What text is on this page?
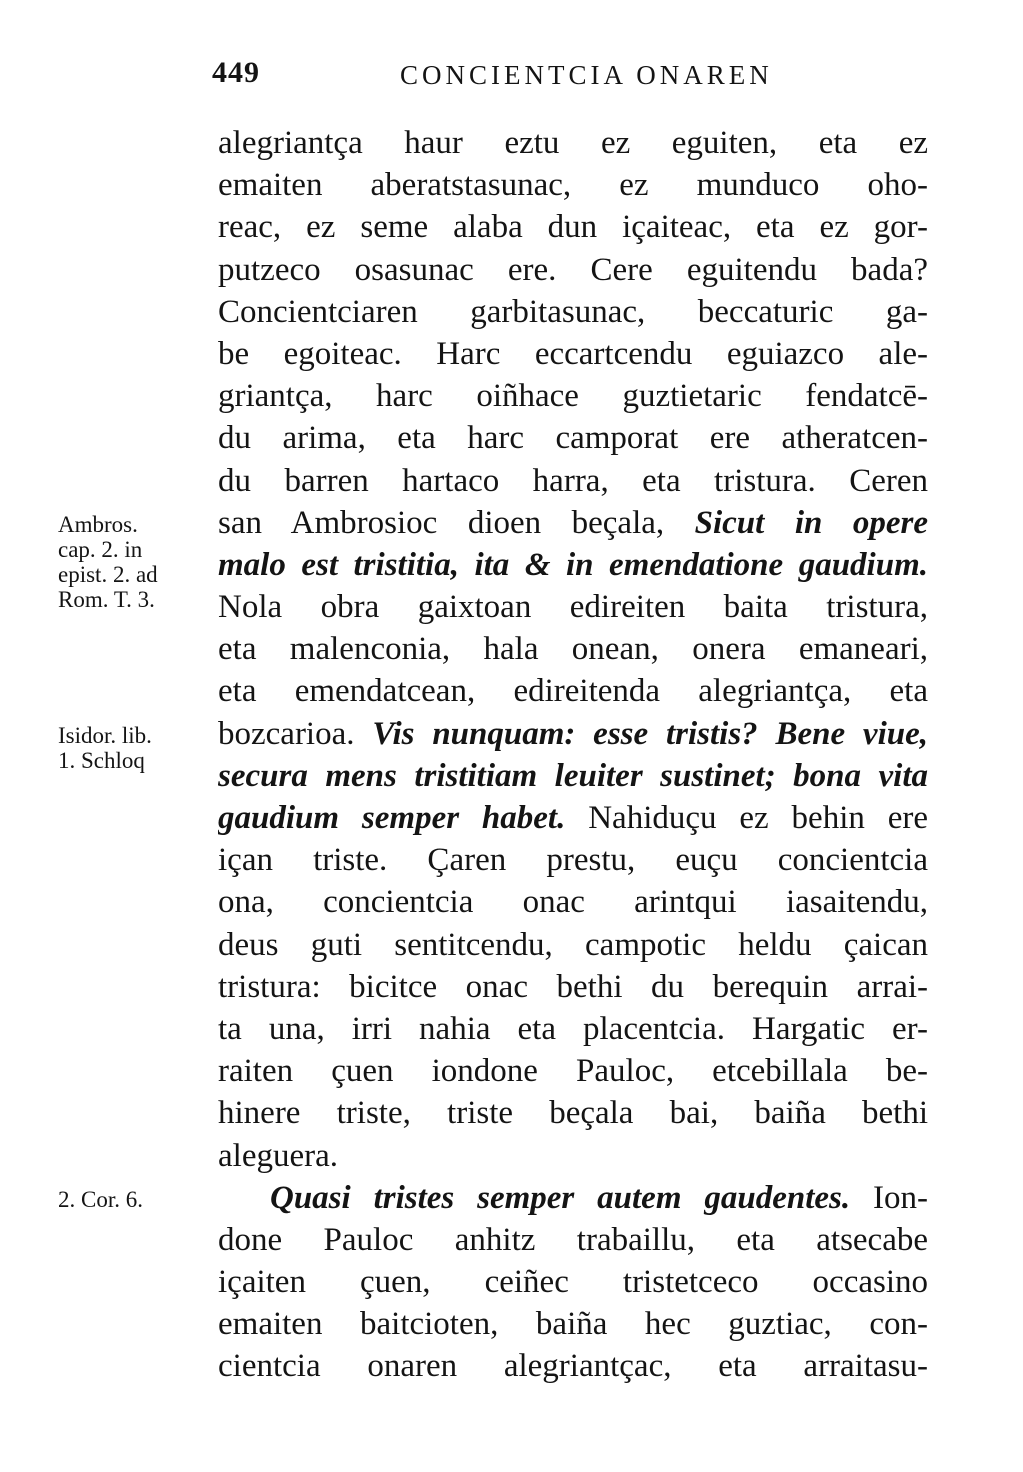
449	CONCIENTCIA ONAREN
Ambros.
cap. 2. in
epist. 2. ad
Rom. T. 3.
Isidor. lib.
1. Schloq
2. Cor. 6.
alegriantça haur eztu ez eguiten, eta ez
emaiten aberatstasunac, ez munduco oho-
reac, ez seme alaba dun içaiteac, eta ez gor-
putzeco osasunac ere. Cere eguitendu bada?
Concientciaren garbitasunac, beccaturic ga-
be egoiteac. Harc eccartcendu eguiazco ale-
griantça, harc oiñhace guztietaric fendatcē-
du arima, eta harc camporat ere atheratcen-
du barren hartaco harra, eta tristura. Ceren
san Ambrosioc dioen beçala, Sicut in opere
malo est tristitia, ita & in emendatione gaudium.
Nola obra gaixtoan edireiten baita tristura,
eta malenconia, hala onean, onera emaneari,
eta emendatcean, edireitenda alegriantça, eta
bozcarioa. Vis nunquam: esse tristis? Bene viue,
secura mens tristitiam leuiter sustinet; bona vita
gaudium semper habet. Nahiduçu ez behin ere
içan triste. Çaren prestu, euçu concientcia
ona, concientcia onac arintqui iasaitendu,
deus guti sentitcendu, campotic heldu çaican
tristura: bicitce onac bethi du berequin arrai-
ta una, irri nahia eta placentcia. Hargatic er-
raiten çuen iondone Pauloc, etcebillala be-
hinere triste, triste beçala bai, baiña bethi
aleguera.
Quasi tristes semper autem gaudentes. Ion-
done Pauloc anhitz trabaillu, eta atsecabe
içaiten çuen, ceiñec tristetceco occasino
emaiten baitcioten, baiña hec guztiac, con-
cientcia onaren alegriantçac, eta arraitasu-
